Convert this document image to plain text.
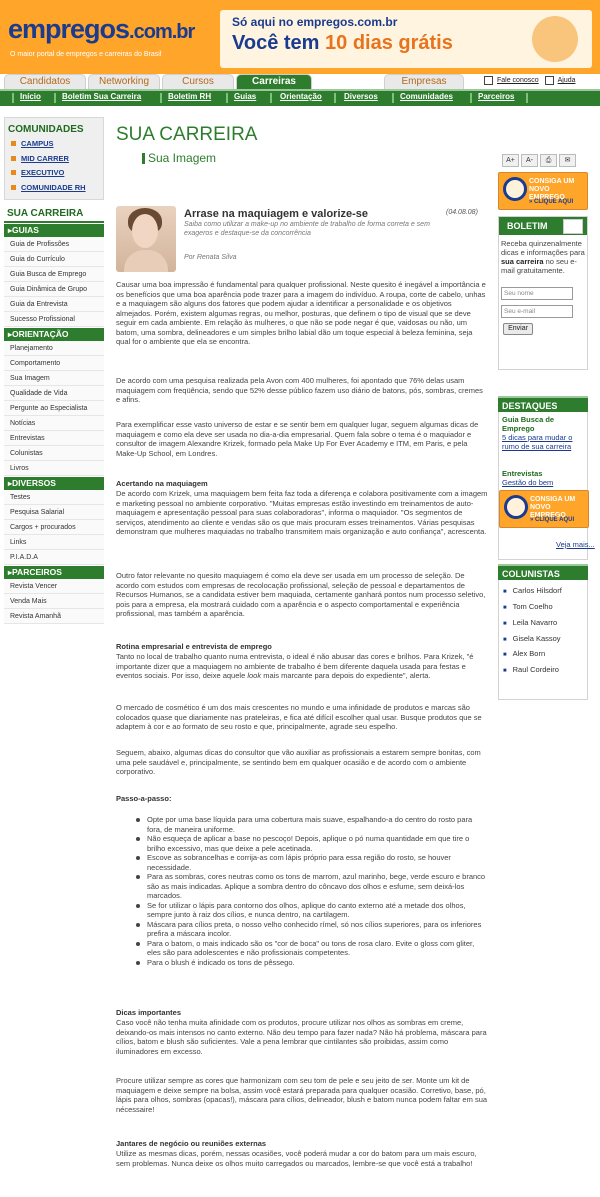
empregos.com.br
O maior portal de empregos e carreiras do Brasil
Só aqui no empregos.com.br
Você tem 10 dias grátis
Candidatos	Networking	Cursos	Carreiras	Empresas	Fale conosco	Ajuda
Início	Boletim Sua Carreira	Boletim RH	Guias	Orientação	Diversos	Comunidades	Parceiros
COMUNIDADES
CAMPUS
MID CARRER
EXECUTIVO
COMUNIDADE RH
SUA CARREIRA
▸ GUIAS
Guia de Profissões
Guia do Currículo
Guia Busca de Emprego
Guia Dinâmica de Grupo
Guia da Entrevista
Sucesso Profissional
▸ ORIENTAÇÃO
Planejamento
Comportamento
Sua Imagem
Qualidade de Vida
Pergunte ao Especialista
Notícias
Entrevistas
Colunistas
Livros
▸ DIVERSOS
Testes
Pesquisa Salarial
Cargos + procurados
Links
P.I.A.D.A
▸ PARCEIROS
Revista Vencer
Venda Mais
Revista Amanhã
SUA CARREIRA
Sua Imagem
Arrase na maquiagem e valorize-se	(04.08.08)
Saiba como utilizar a make-up no ambiente de trabalho de forma correta e sem exageros e destaque-se da concorrência
Por Renata Silva
Causar uma boa impressão é fundamental para qualquer profissional. Neste quesito é inegável a importância e os benefícios que uma boa aparência pode trazer para a imagem do indivíduo. A roupa, corte de cabelo, unhas e a maquiagem são alguns dos fatores que podem ajudar a identificar a personalidade e os objetivos almejados. Porém, existem algumas regras, ou melhor, posturas, que definem o tipo de visual que se deve seguir em cada ambiente. Em relação às mulheres, o que não se pode negar é que, vaidosas ou não, um batom, uma sombra, delineadores e um simples brilho labial dão um toque especial à beleza feminina, seja qual for o ambiente que ela se encontra.
De acordo com uma pesquisa realizada pela Avon com 400 mulheres, foi apontado que 76% delas usam maquiagem com freqüência, sendo que 52% desse público fazem uso diário de batons, pós, sombras, cremes e afins.
Para exemplificar esse vasto universo de estar e se sentir bem em qualquer lugar, seguem algumas dicas de maquiagem e como ela deve ser usada no dia-a-dia empresarial. Quem fala sobre o tema é o maquiador e consultor de imagem Alexandre Krizek, formado pela Make Up For Ever Academy e ITM, em Paris, e pela Make-Up School, em Londres.
Acertando na maquiagem
De acordo com Krizek, uma maquiagem bem feita faz toda a diferença e colabora positivamente com a imagem e marketing pessoal no ambiente corporativo. "Muitas empresas estão investindo em treinamentos de auto-maquiagem e apresentação pessoal para suas colaboradoras", informa o maquiador. "Os segmentos de serviços, atendimento ao cliente e vendas são os que mais procuram esses treinamentos. Várias pesquisas demonstram que mulheres maquiadas no trabalho transmitem mais organização e auto confiança", acrescenta.
Outro fator relevante no quesito maquiagem é como ela deve ser usada em um processo de seleção. De acordo com estudos com empresas de recolocação profissional, seleção de pessoal e departamentos de Recursos Humanos, se a candidata estiver bem maquiada, certamente ganhará pontos num processo seletivo, pois para a empresa, ela mostrará cuidado com a aparência e o aspecto comportamental e experiência profissional, mas também a aparência.
Rotina empresarial e entrevista de emprego
Tanto no local de trabalho quanto numa entrevista, o ideal é não abusar das cores e brilhos. Para Krizek, "é importante dizer que a maquiagem no ambiente de trabalho é bem diferente daquela usada para festas e eventos sociais. Por isso, deixe aquele look mais marcante para depois do expediente", alerta.
O mercado de cosmético é um dos mais crescentes no mundo e uma infinidade de produtos e marcas são colocados quase que diariamente nas prateleiras, e fica até difícil escolher qual usar. Busque produtos que se adaptem à cor e ao formato de seu rosto e que, principalmente, agrade seu espelho.
Seguem, abaixo, algumas dicas do consultor que vão auxiliar as profissionais a estarem sempre bonitas, com uma pele saudável e, principalmente, se sentindo bem em qualquer ocasião e de acordo com o ambiente corporativo.
Passo-a-passo:
Opte por uma base líquida para uma cobertura mais suave, espalhando-a do centro do rosto para fora, de maneira uniforme.
Não esqueça de aplicar a base no pescoço! Depois, aplique o pó numa quantidade em que tire o brilho excessivo, mas que deixe a pele acetinada.
Escove as sobrancelhas e corrija-as com lápis próprio para essa região do rosto, se houver necessidade.
Para as sombras, cores neutras como os tons de marrom, azul marinho, bege, verde escuro e branco são as mais indicadas. Aplique a sombra dentro do côncavo dos olhos e esfume, sem deixá-los marcados.
Se for utilizar o lápis para contorno dos olhos, aplique do canto externo até a metade dos olhos, sempre junto à raiz dos cílios, e nunca dentro, na cartilagem.
Máscara para cílios preta, o nosso velho conhecido rímel, só nos cílios superiores, para os inferiores prefira a máscara incolor.
Para o batom, o mais indicado são os "cor de boca" ou tons de rosa claro. Evite o gloss com gliter, eles são para adolescentes e não profissionais competentes.
Para o blush é indicado os tons de pêssego.
Dicas importantes
Caso você não tenha muita afinidade com os produtos, procure utilizar nos olhos as sombras em creme, deixando-os mais intensos no canto externo. Não deu tempo para fazer nada? Não há problema, máscara para cílios, batom e blush são suficientes. Vale a pena lembrar que cintilantes são proibidas, assim como iluminadores em excesso.
Procure utilizar sempre as cores que harmonizam com seu tom de pele e seu jeito de ser. Monte um kit de maquiagem e deixe sempre na bolsa, assim você estará preparada para qualquer ocasião. Corretivo, base, pó, lápis para olhos, sombras (opacas!), máscara para cílios, delineador, blush e batom nunca podem faltar em sua nécessaire!
Jantares de negócio ou reuniões externas
Utilize as mesmas dicas, porém, nessas ocasiões, você poderá mudar a cor do batom para um mais escuro, sem problemas. Nunca deixe os olhos muito carregados ou marcados, lembre-se que você está a trabalho!
A+ A- ⎙ ✉
CONSIGA UM NOVO EMPREGO
» CLIQUE AQUI
BOLETIM
Receba quinzenalmente dicas e informações para sua carreira no seu e-mail gratuitamente.
Seu nome
Seu e-mail
Enviar
DESTAQUES
Guia Busca de Emprego
5 dicas para mudar o rumo de sua carreira
Entrevistas
Gestão do bem
CONSIGA UM NOVO EMPREGO
» CLIQUE AQUI
Veja mais...
COLUNISTAS
■ Carlos Hilsdorf
■ Tom Coelho
■ Leila Navarro
■ Gisela Kassoy
■ Alex Born
■ Raul Cordeiro
